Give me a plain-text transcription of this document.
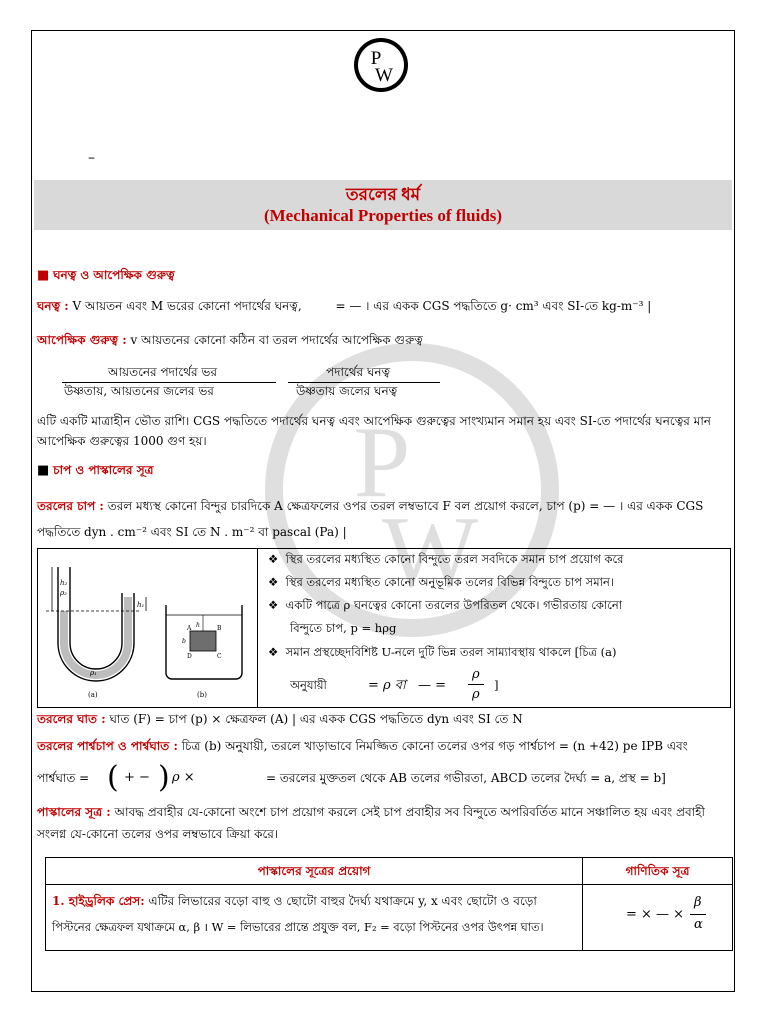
P
W
P
W
–
তরলের ধর্ম
(Mechanical Properties of fluids)
■ ঘনত্ব ও আপেক্ষিক গুরুত্ব
ঘনত্ব : V আয়তন এবং M ভরের কোনো পদার্থের ঘনত্ব,	= — । এর একক CGS পদ্ধতিতে g· cm³ এবং SI-তে kg-m⁻³ |
আপেক্ষিক গুরুত্ব : v আয়তনের কোনো কঠিন বা তরল পদার্থের আপেক্ষিক গুরুত্ব
আয়তনের পদার্থের ভর
উষ্ণতায়, আয়তনের জলের ভর
পদার্থের ঘনত্ব
উষ্ণতায় জলের ঘনত্ব
এটি একটি মাত্রাহীন ভৌত রাশি। CGS পদ্ধতিতে পদার্থের ঘনত্ব এবং আপেক্ষিক গুরুত্বের সাংখ্যমান সমান হয় এবং SI-তে পদার্থের ঘনত্বের মান
আপেক্ষিক গুরুত্বের 1000 গুণ হয়।
■ চাপ ও পাস্কালের সূত্র
তরলের চাপ : তরল মধ্যস্থ কোনো বিন্দুর চারদিকে A ক্ষেত্রফলের ওপর তরল লম্বভাবে F বল প্রয়োগ করলে, চাপ (p) = — । এর একক CGS
পদ্ধতিতে dyn . cm⁻² এবং SI তে N . m⁻² বা pascal (Pa) |
h₂
ρ₂
h₁
ρ₁
(a)
h
A	B
D	C
b
(b)
❖  স্থির তরলের মধ্যস্থিত কোনো বিন্দুতে তরল সবদিকে সমান চাপ প্রয়োগ করে
❖  স্থির তরলের মধ্যস্থিত কোনো অনুভূমিক তলের বিভিন্ন বিন্দুতে চাপ সমান।
❖  একটি পাত্রে ρ ঘনত্বের কোনো তরলের উপরিতল থেকে। গভীরতায় কোনো
বিন্দুতে চাপ, p = hρg
❖  সমান প্রস্থচ্ছেদবিশিষ্ট U-নলে দুটি ভিন্ন তরল সাম্যাবস্থায় থাকলে [চিত্র (a)
অনুযায়ী	= ρ বা — =
ρ
ρ
]
তরলের ঘাত : ঘাত (F) = চাপ (p) × ক্ষেত্রফল (A) | এর একক CGS পদ্ধতিতে dyn এবং SI তে N
তরলের পার্শ্বচাপ ও পার্শ্বঘাত : চিত্র (b) অনুযায়ী, তরলে খাড়াভাবে নিমজ্জিত কোনো তলের ওপর গড় পার্শ্বচাপ = (n +42) pe IPB এবং
পার্শ্বঘাত = ( + − ) ρ ×	= তরলের মুক্ততল থেকে AB তলের গভীরতা, ABCD তলের দৈর্ঘ্য = a, প্রস্থ = b]
পাস্কালের সূত্র : আবদ্ধ প্রবাহীর যে-কোনো অংশে চাপ প্রয়োগ করলে সেই চাপ প্রবাহীর সব বিন্দুতে অপরিবর্তিত মানে সঞ্চালিত হয় এবং প্রবাহী
সংলগ্ন যে-কোনো তলের ওপর লম্বভাবে ক্রিয়া করে।
পাস্কালের সূত্রের প্রয়োগ	গাণিতিক সূত্র
1. হাইড্রলিক প্রেস: এটির লিভারের বড়ো বাহু ও ছোটো বাহুর দৈর্ঘ্য যথাক্রমে y, x এবং ছোটো ও বড়ো
পিস্টনের ক্ষেত্রফল যথাক্রমে α, β । W = লিভারের প্রান্তে প্রযুক্ত বল, F₂ = বড়ো পিস্টনের ওপর উৎপন্ন ঘাত।
= × — ×
β
α
